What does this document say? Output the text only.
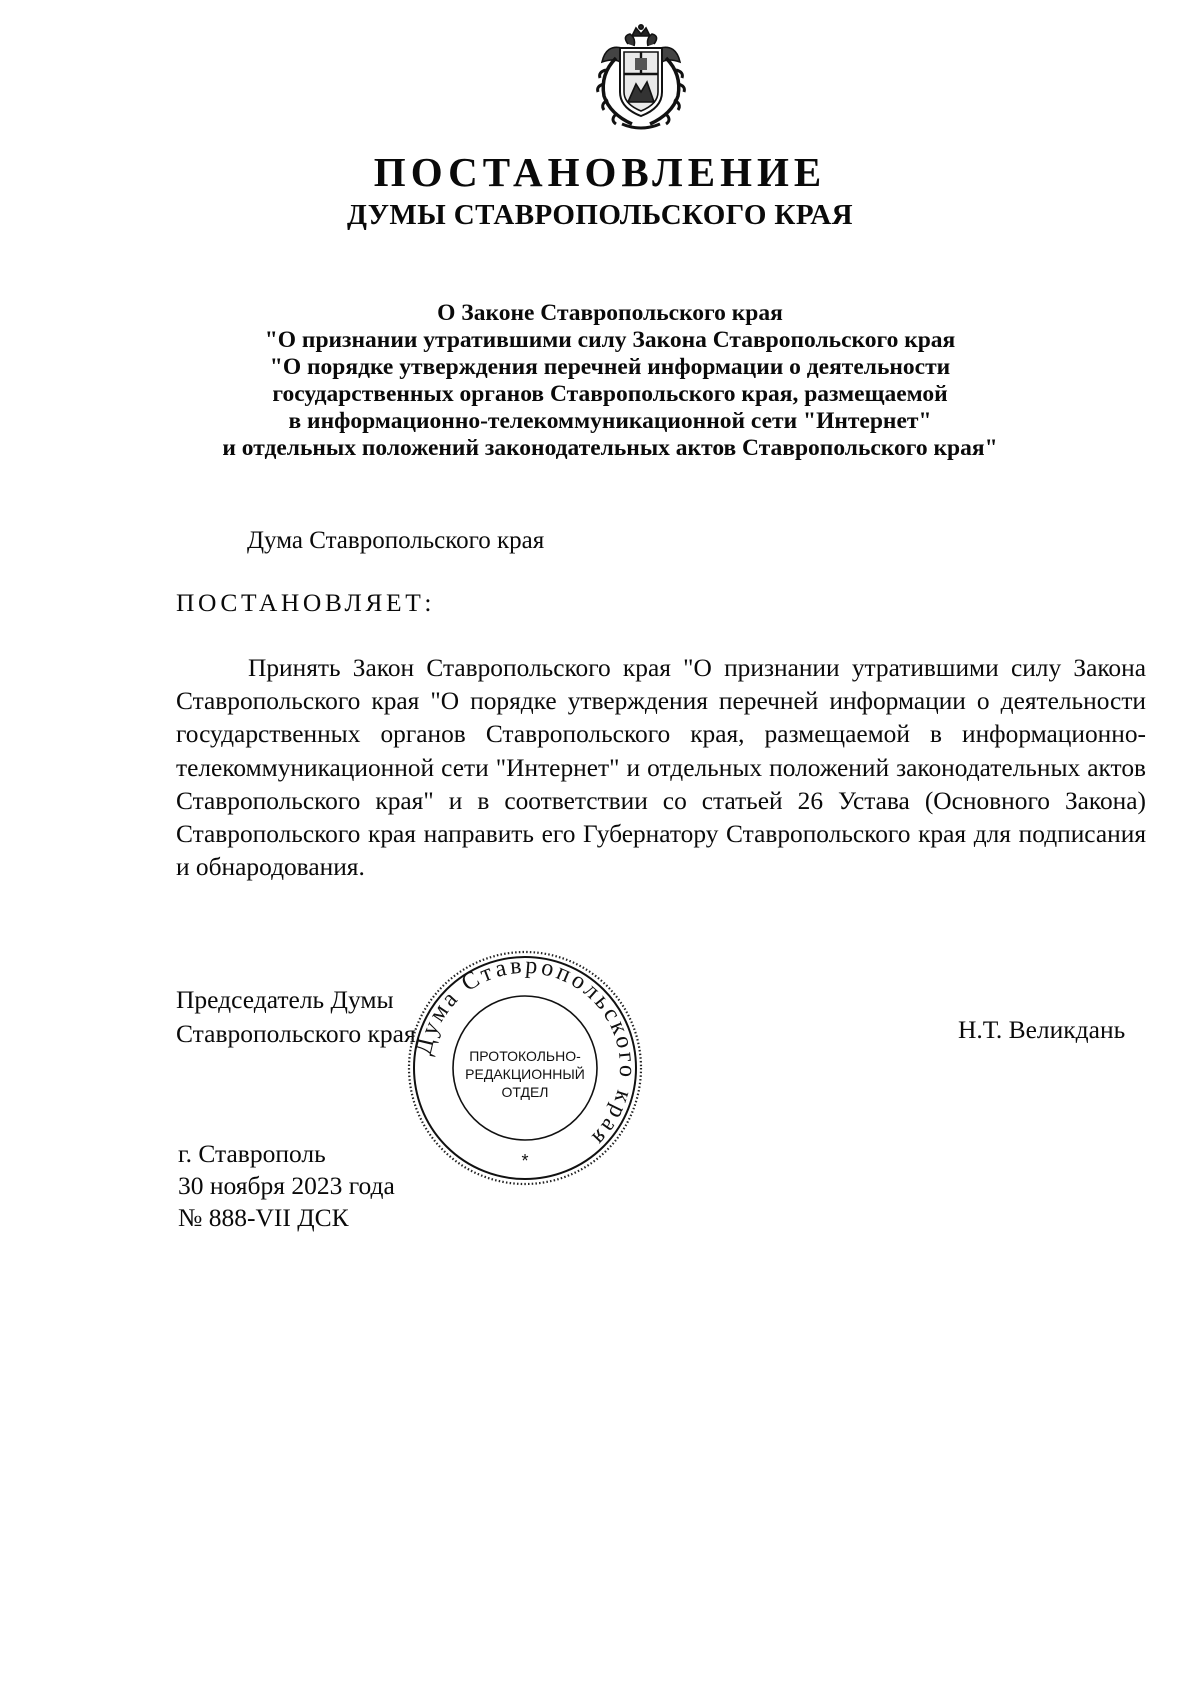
ПОСТАНОВЛЕНИЕ
ДУМЫ СТАВРОПОЛЬСКОГО КРАЯ
О Законе Ставропольского края
"О признании утратившими силу Закона Ставропольского края
"О порядке утверждения перечней информации о деятельности
государственных органов Ставропольского края, размещаемой
в информационно-телекоммуникационной сети "Интернет"
и отдельных положений законодательных актов Ставропольского края"
Дума Ставропольского края
ПОСТАНОВЛЯЕТ:
Принять Закон Ставропольского края "О признании утратившими силу Закона Ставропольского края "О порядке утверждения перечней информации о деятельности государственных органов Ставропольского края, размещаемой в информационно-телекоммуникационной сети "Интернет" и отдельных положений законодательных актов Ставропольского края" и в соответствии со статьей 26 Устава (Основного Закона) Ставропольского края направить его Губернатору Ставропольского края для подписания и обнародования.
Председатель Думы
Ставропольского края	Н.Т. Великдань
Дума Ставропольского края
ПРОТОКОЛЬНО-
РЕДАКЦИОННЫЙ
ОТДЕЛ
*
г. Ставрополь
30 ноября 2023 года
№ 888-VII ДСК
